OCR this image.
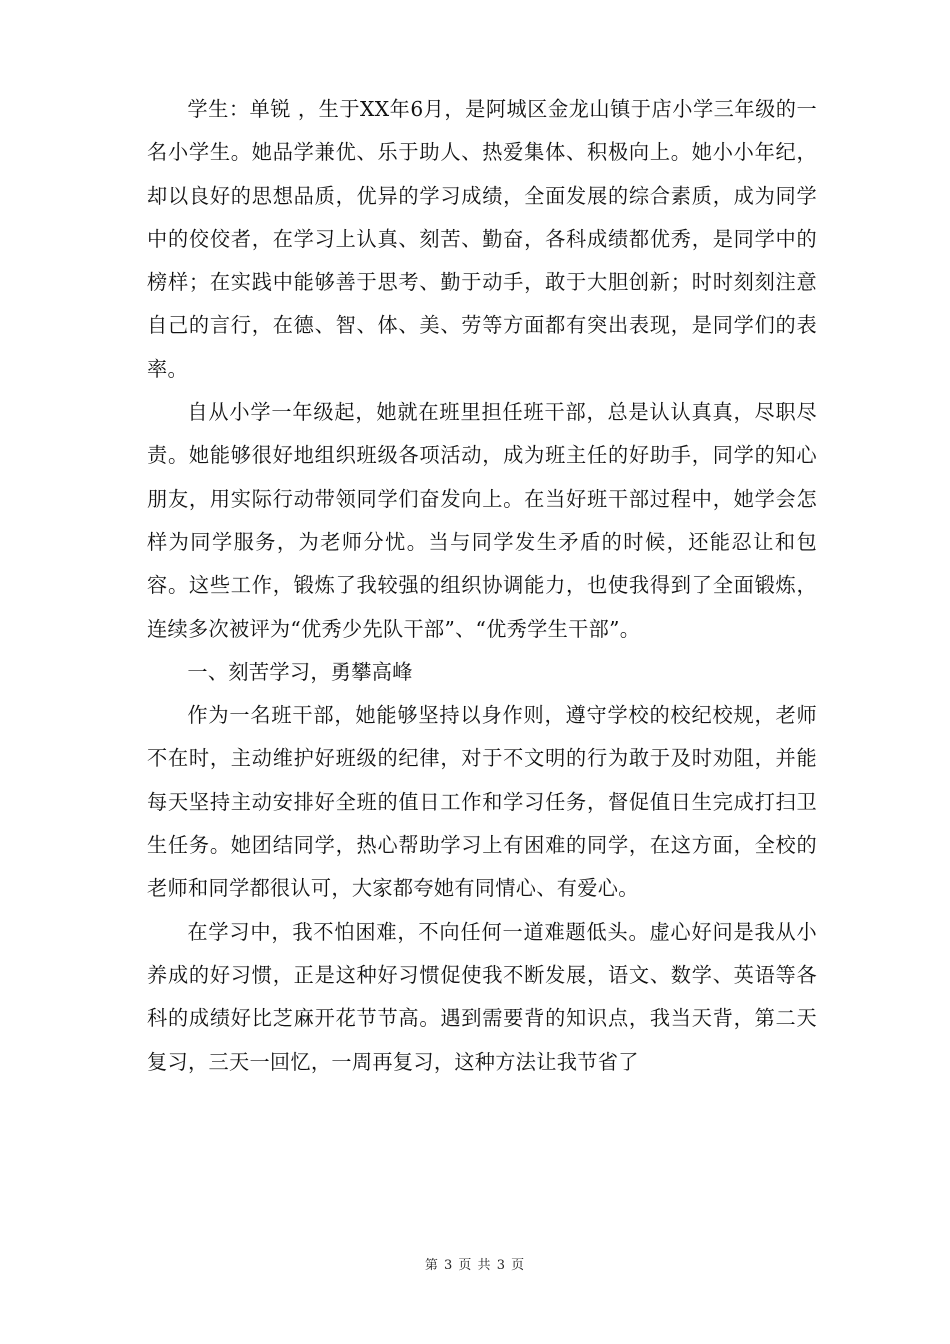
学生：单锐 ，生于XX年6月，是阿城区金龙山镇于店小学三年级的一名小学生。她品学兼优、乐于助人、热爱集体、积极向上。她小小年纪，却以良好的思想品质，优异的学习成绩，全面发展的综合素质，成为同学中的佼佼者，在学习上认真、刻苦、勤奋，各科成绩都优秀，是同学中的榜样；在实践中能够善于思考、勤于动手，敢于大胆创新；时时刻刻注意自己的言行，在德、智、体、美、劳等方面都有突出表现，是同学们的表率。

自从小学一年级起，她就在班里担任班干部，总是认认真真，尽职尽责。她能够很好地组织班级各项活动，成为班主任的好助手，同学的知心朋友，用实际行动带领同学们奋发向上。在当好班干部过程中，她学会怎样为同学服务，为老师分忧。当与同学发生矛盾的时候，还能忍让和包容。这些工作，锻炼了我较强的组织协调能力，也使我得到了全面锻炼，连续多次被评为“优秀少先队干部”、“优秀学生干部”。

一、刻苦学习，勇攀高峰

作为一名班干部，她能够坚持以身作则，遵守学校的校纪校规，老师不在时，主动维护好班级的纪律，对于不文明的行为敢于及时劝阻，并能每天坚持主动安排好全班的值日工作和学习任务，督促值日生完成打扫卫生任务。她团结同学，热心帮助学习上有困难的同学，在这方面，全校的老师和同学都很认可，大家都夸她有同情心、有爱心。

在学习中，我不怕困难，不向任何一道难题低头。虚心好问是我从小养成的好习惯，正是这种好习惯促使我不断发展，语文、数学、英语等各科的成绩好比芝麻开花节节高。遇到需要背的知识点，我当天背，第二天复习，三天一回忆，一周再复习，这种方法让我节省了

第 3 页 共 3 页
